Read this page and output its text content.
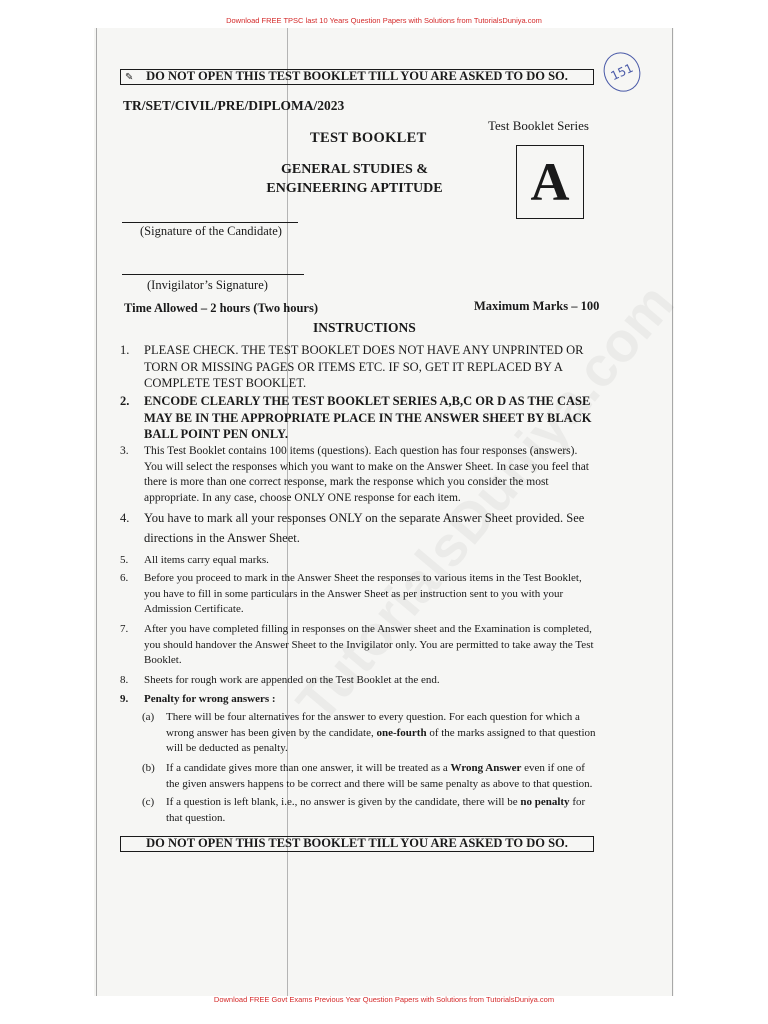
Download FREE TPSC last 10 Years Question Papers with Solutions from TutorialsDuniya.com
151
✎ DO NOT OPEN THIS TEST BOOKLET TILL YOU ARE ASKED TO DO SO.
TR/SET/CIVIL/PRE/DIPLOMA/2023
Test Booklet Series
TEST BOOKLET
GENERAL STUDIES &
ENGINEERING APTITUDE A
(Signature of the Candidate)
(Invigilator’s Signature)
Time Allowed – 2 hours (Two hours)	Maximum Marks – 100
INSTRUCTIONS
1.	PLEASE CHECK. THE TEST BOOKLET DOES NOT HAVE ANY UNPRINTED OR TORN OR MISSING PAGES OR ITEMS ETC. IF SO, GET IT REPLACED BY A COMPLETE TEST BOOKLET.
2.	ENCODE CLEARLY THE TEST BOOKLET SERIES A,B,C OR D AS THE CASE MAY BE IN THE APPROPRIATE PLACE IN THE ANSWER SHEET BY BLACK BALL POINT PEN ONLY.
3.	This Test Booklet contains 100 items (questions). Each question has four responses (answers). You will select the responses which you want to make on the Answer Sheet. In case you feel that there is more than one correct response, mark the response which you consider the most appropriate. In any case, choose ONLY ONE response for each item.
4.	You have to mark all your responses ONLY on the separate Answer Sheet provided. See directions in the Answer Sheet.
5.	All items carry equal marks.
6.	Before you proceed to mark in the Answer Sheet the responses to various items in the Test Booklet, you have to fill in some particulars in the Answer Sheet as per instruction sent to you with your Admission Certificate.
7.	After you have completed filling in responses on the Answer sheet and the Examination is completed, you should handover the Answer Sheet to the Invigilator only. You are permitted to take away the Test Booklet.
8.	Sheets for rough work are appended on the Test Booklet at the end.
9.	Penalty for wrong answers :
(a) There will be four alternatives for the answer to every question. For each question for which a wrong answer has been given by the candidate, one-fourth of the marks assigned to that question will be deducted as penalty.
(b) If a candidate gives more than one answer, it will be treated as a Wrong Answer even if one of the given answers happens to be correct and there will be same penalty as above to that question.
(c) If a question is left blank, i.e., no answer is given by the candidate, there will be no penalty for that question.
DO NOT OPEN THIS TEST BOOKLET TILL YOU ARE ASKED TO DO SO.
Download FREE Govt Exams Previous Year Question Papers with Solutions from TutorialsDuniya.com
